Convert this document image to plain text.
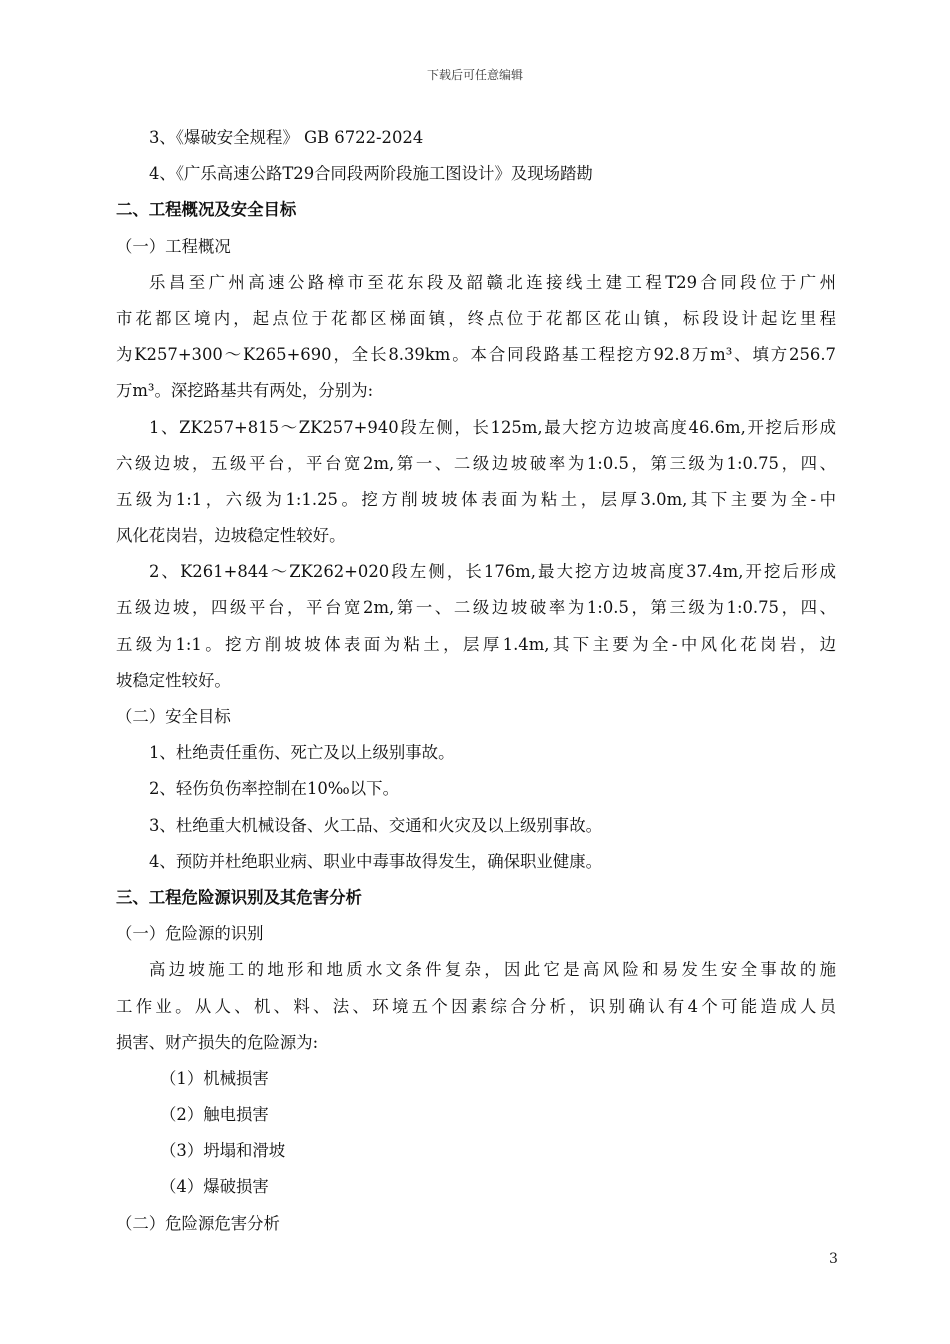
下载后可任意编辑
3、《爆破安全规程》 GB 6722-2024
4、《广乐高速公路T29合同段两阶段施工图设计》及现场踏勘
二、工程概况及安全目标
（一）工程概况
乐昌至广州高速公路樟市至花东段及韶赣北连接线土建工程T29合同段位于广州
市花都区境内，起点位于花都区梯面镇，终点位于花都区花山镇，标段设计起讫里程
为K257+300～K265+690，全长8.39km。本合同段路基工程挖方92.8万m³、填方256.7
万m³。深挖路基共有两处，分别为:
1、ZK257+815～ZK257+940段左侧，长125m,最大挖方边坡高度46.6m,开挖后形成
六级边坡，五级平台，平台宽2m,第一、二级边坡破率为1:0.5，第三级为1:0.75，四、
五级为1:1，六级为1:1.25。挖方削坡坡体表面为粘土，层厚3.0m,其下主要为全-中
风化花岗岩，边坡稳定性较好。
2、K261+844～ZK262+020段左侧，长176m,最大挖方边坡高度37.4m,开挖后形成
五级边坡，四级平台，平台宽2m,第一、二级边坡破率为1:0.5，第三级为1:0.75，四、
五级为1:1。挖方削坡坡体表面为粘土，层厚1.4m,其下主要为全-中风化花岗岩，边
坡稳定性较好。
（二）安全目标
1、杜绝责任重伤、死亡及以上级别事故。
2、轻伤负伤率控制在10‰以下。
3、杜绝重大机械设备、火工品、交通和火灾及以上级别事故。
4、预防并杜绝职业病、职业中毒事故得发生，确保职业健康。
三、工程危险源识别及其危害分析
（一）危险源的识别
高边坡施工的地形和地质水文条件复杂，因此它是高风险和易发生安全事故的施
工作业。从人、机、料、法、环境五个因素综合分析，识别确认有4个可能造成人员
损害、财产损失的危险源为:
（1）机械损害
（2）触电损害
（3）坍塌和滑坡
（4）爆破损害
（二）危险源危害分析
3
